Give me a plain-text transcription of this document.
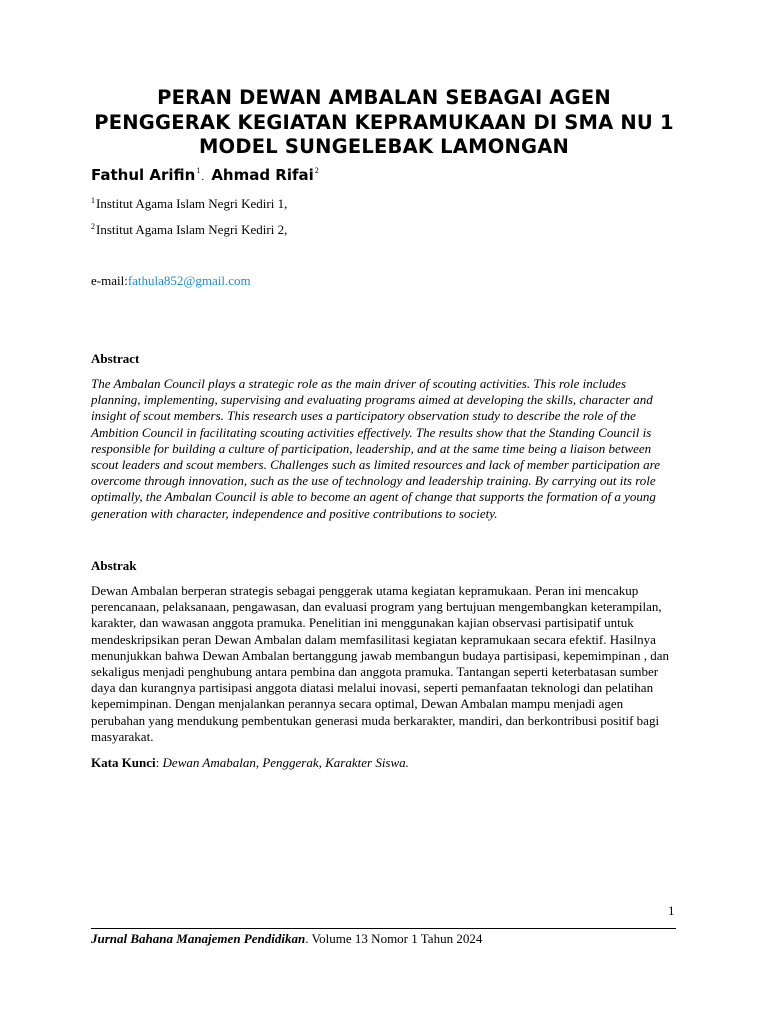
PERAN DEWAN AMBALAN SEBAGAI AGEN
PENGGERAK KEGIATAN KEPRAMUKAAN DI SMA NU 1
MODEL SUNGELEBAK LAMONGAN
Fathul Arifin$^1$. Ahmad Rifai$^2$
$^1$Institut Agama Islam Negri Kediri 1,
$^2$Institut Agama Islam Negri Kediri 2,
e-mail:fathula852@gmail.com
Abstract
The Ambalan Council plays a strategic role as the main driver of scouting activities. This role includes
planning, implementing, supervising and evaluating programs aimed at developing the skills, character and
insight of scout members. This research uses a participatory observation study to describe the role of the
Ambition Council in facilitating scouting activities effectively. The results show that the Standing Council is
responsible for building a culture of participation, leadership, and at the same time being a liaison between
scout leaders and scout members. Challenges such as limited resources and lack of member participation are
overcome through innovation, such as the use of technology and leadership training. By carrying out its role
optimally, the Ambalan Council is able to become an agent of change that supports the formation of a young
generation with character, independence and positive contributions to society.
Abstrak
Dewan Ambalan berperan strategis sebagai penggerak utama kegiatan kepramukaan. Peran ini mencakup
perencanaan, pelaksanaan, pengawasan, dan evaluasi program yang bertujuan mengembangkan keterampilan,
karakter, dan wawasan anggota pramuka. Penelitian ini menggunakan kajian observasi partisipatif untuk
mendeskripsikan peran Dewan Ambalan dalam memfasilitasi kegiatan kepramukaan secara efektif. Hasilnya
menunjukkan bahwa Dewan Ambalan bertanggung jawab membangun budaya partisipasi, kepemimpinan , dan
sekaligus menjadi penghubung antara pembina dan anggota pramuka. Tantangan seperti keterbatasan sumber
daya dan kurangnya partisipasi anggota diatasi melalui inovasi, seperti pemanfaatan teknologi dan pelatihan
kepemimpinan. Dengan menjalankan perannya secara optimal, Dewan Ambalan mampu menjadi agen
perubahan yang mendukung pembentukan generasi muda berkarakter, mandiri, dan berkontribusi positif bagi
masyarakat.
Kata Kunci: Dewan Amabalan, Penggerak, Karakter Siswa.
1
Jurnal Bahana Manajemen Pendidikan. Volume 13 Nomor 1 Tahun 2024
